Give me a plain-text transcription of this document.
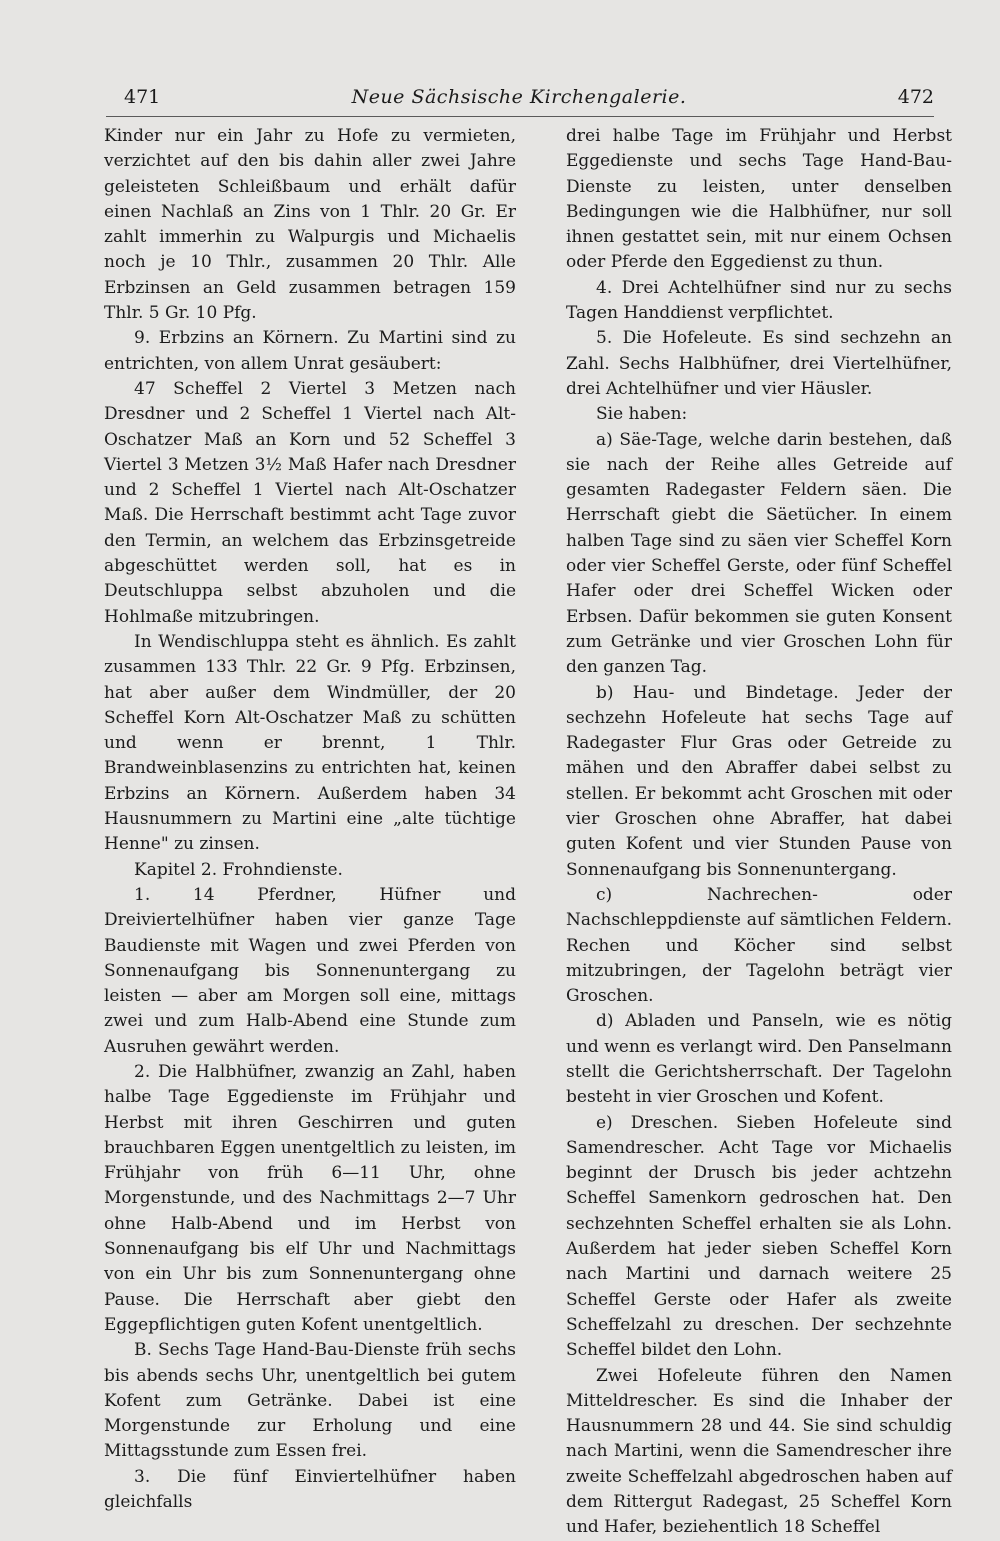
471	Neue Sächsische Kirchengalerie.	472

Kinder nur ein Jahr zu Hofe zu vermieten, verzichtet auf den bis dahin aller zwei Jahre geleisteten Schleißbaum und erhält dafür einen Nachlaß an Zins von 1 Thlr. 20 Gr. Er zahlt immerhin zu Walpurgis und Michaelis noch je 10 Thlr., zusammen 20 Thlr. Alle Erbzinsen an Geld zusammen betragen 159 Thlr. 5 Gr. 10 Pfg.

9. Erbzins an Körnern. Zu Martini sind zu entrichten, von allem Unrat gesäubert:

47 Scheffel 2 Viertel 3 Metzen nach Dresdner und 2 Scheffel 1 Viertel nach Alt-Oschatzer Maß an Korn und 52 Scheffel 3 Viertel 3 Metzen 3½ Maß Hafer nach Dresdner und 2 Scheffel 1 Viertel nach Alt-Oschatzer Maß. Die Herrschaft bestimmt acht Tage zuvor den Termin, an welchem das Erbzinsgetreide abgeschüttet werden soll, hat es in Deutschluppa selbst abzuholen und die Hohlmaße mitzubringen.

In Wendischluppa steht es ähnlich. Es zahlt zusammen 133 Thlr. 22 Gr. 9 Pfg. Erbzinsen, hat aber außer dem Windmüller, der 20 Scheffel Korn Alt-Oschatzer Maß zu schütten und wenn er brennt, 1 Thlr. Brandweinblasenzins zu entrichten hat, keinen Erbzins an Körnern. Außerdem haben 34 Hausnummern zu Martini eine „alte tüchtige Henne" zu zinsen.

Kapitel 2. Frohndienste.

1. 14 Pferdner, Hüfner und Dreiviertelhüfner haben vier ganze Tage Baudienste mit Wagen und zwei Pferden von Sonnenaufgang bis Sonnenuntergang zu leisten — aber am Morgen soll eine, mittags zwei und zum Halb-Abend eine Stunde zum Ausruhen gewährt werden.

2. Die Halbhüfner, zwanzig an Zahl, haben halbe Tage Eggedienste im Frühjahr und Herbst mit ihren Geschirren und guten brauchbaren Eggen unentgeltlich zu leisten, im Frühjahr von früh 6—11 Uhr, ohne Morgenstunde, und des Nachmittags 2—7 Uhr ohne Halb-Abend und im Herbst von Sonnenaufgang bis elf Uhr und Nachmittags von ein Uhr bis zum Sonnenuntergang ohne Pause. Die Herrschaft aber giebt den Eggepflichtigen guten Kofent unentgeltlich.

B. Sechs Tage Hand-Bau-Dienste früh sechs bis abends sechs Uhr, unentgeltlich bei gutem Kofent zum Getränke. Dabei ist eine Morgenstunde zur Erholung und eine Mittagsstunde zum Essen frei.

3. Die fünf Einviertelhüfner haben gleichfalls

drei halbe Tage im Frühjahr und Herbst Eggedienste und sechs Tage Hand-Bau-Dienste zu leisten, unter denselben Bedingungen wie die Halbhüfner, nur soll ihnen gestattet sein, mit nur einem Ochsen oder Pferde den Eggedienst zu thun.

4. Drei Achtelhüfner sind nur zu sechs Tagen Handdienst verpflichtet.

5. Die Hofeleute. Es sind sechzehn an Zahl. Sechs Halbhüfner, drei Viertelhüfner, drei Achtelhüfner und vier Häusler.

Sie haben:

a) Säe-Tage, welche darin bestehen, daß sie nach der Reihe alles Getreide auf gesamten Radegaster Feldern säen. Die Herrschaft giebt die Säetücher. In einem halben Tage sind zu säen vier Scheffel Korn oder vier Scheffel Gerste, oder fünf Scheffel Hafer oder drei Scheffel Wicken oder Erbsen. Dafür bekommen sie guten Konsent zum Getränke und vier Groschen Lohn für den ganzen Tag.

b) Hau- und Bindetage. Jeder der sechzehn Hofeleute hat sechs Tage auf Radegaster Flur Gras oder Getreide zu mähen und den Abraffer dabei selbst zu stellen. Er bekommt acht Groschen mit oder vier Groschen ohne Abraffer, hat dabei guten Kofent und vier Stunden Pause von Sonnenaufgang bis Sonnenuntergang.

c) Nachrechen- oder Nachschleppdienste auf sämtlichen Feldern. Rechen und Köcher sind selbst mitzubringen, der Tagelohn beträgt vier Groschen.

d) Abladen und Panseln, wie es nötig und wenn es verlangt wird. Den Panselmann stellt die Gerichtsherrschaft. Der Tagelohn besteht in vier Groschen und Kofent.

e) Dreschen. Sieben Hofeleute sind Samendrescher. Acht Tage vor Michaelis beginnt der Drusch bis jeder achtzehn Scheffel Samenkorn gedroschen hat. Den sechzehnten Scheffel erhalten sie als Lohn. Außerdem hat jeder sieben Scheffel Korn nach Martini und darnach weitere 25 Scheffel Gerste oder Hafer als zweite Scheffelzahl zu dreschen. Der sechzehnte Scheffel bildet den Lohn.

Zwei Hofeleute führen den Namen Mitteldrescher. Es sind die Inhaber der Hausnummern 28 und 44. Sie sind schuldig nach Martini, wenn die Samendrescher ihre zweite Scheffelzahl abgedroschen haben auf dem Rittergut Radegast, 25 Scheffel Korn und Hafer, beziehentlich 18 Scheffel
